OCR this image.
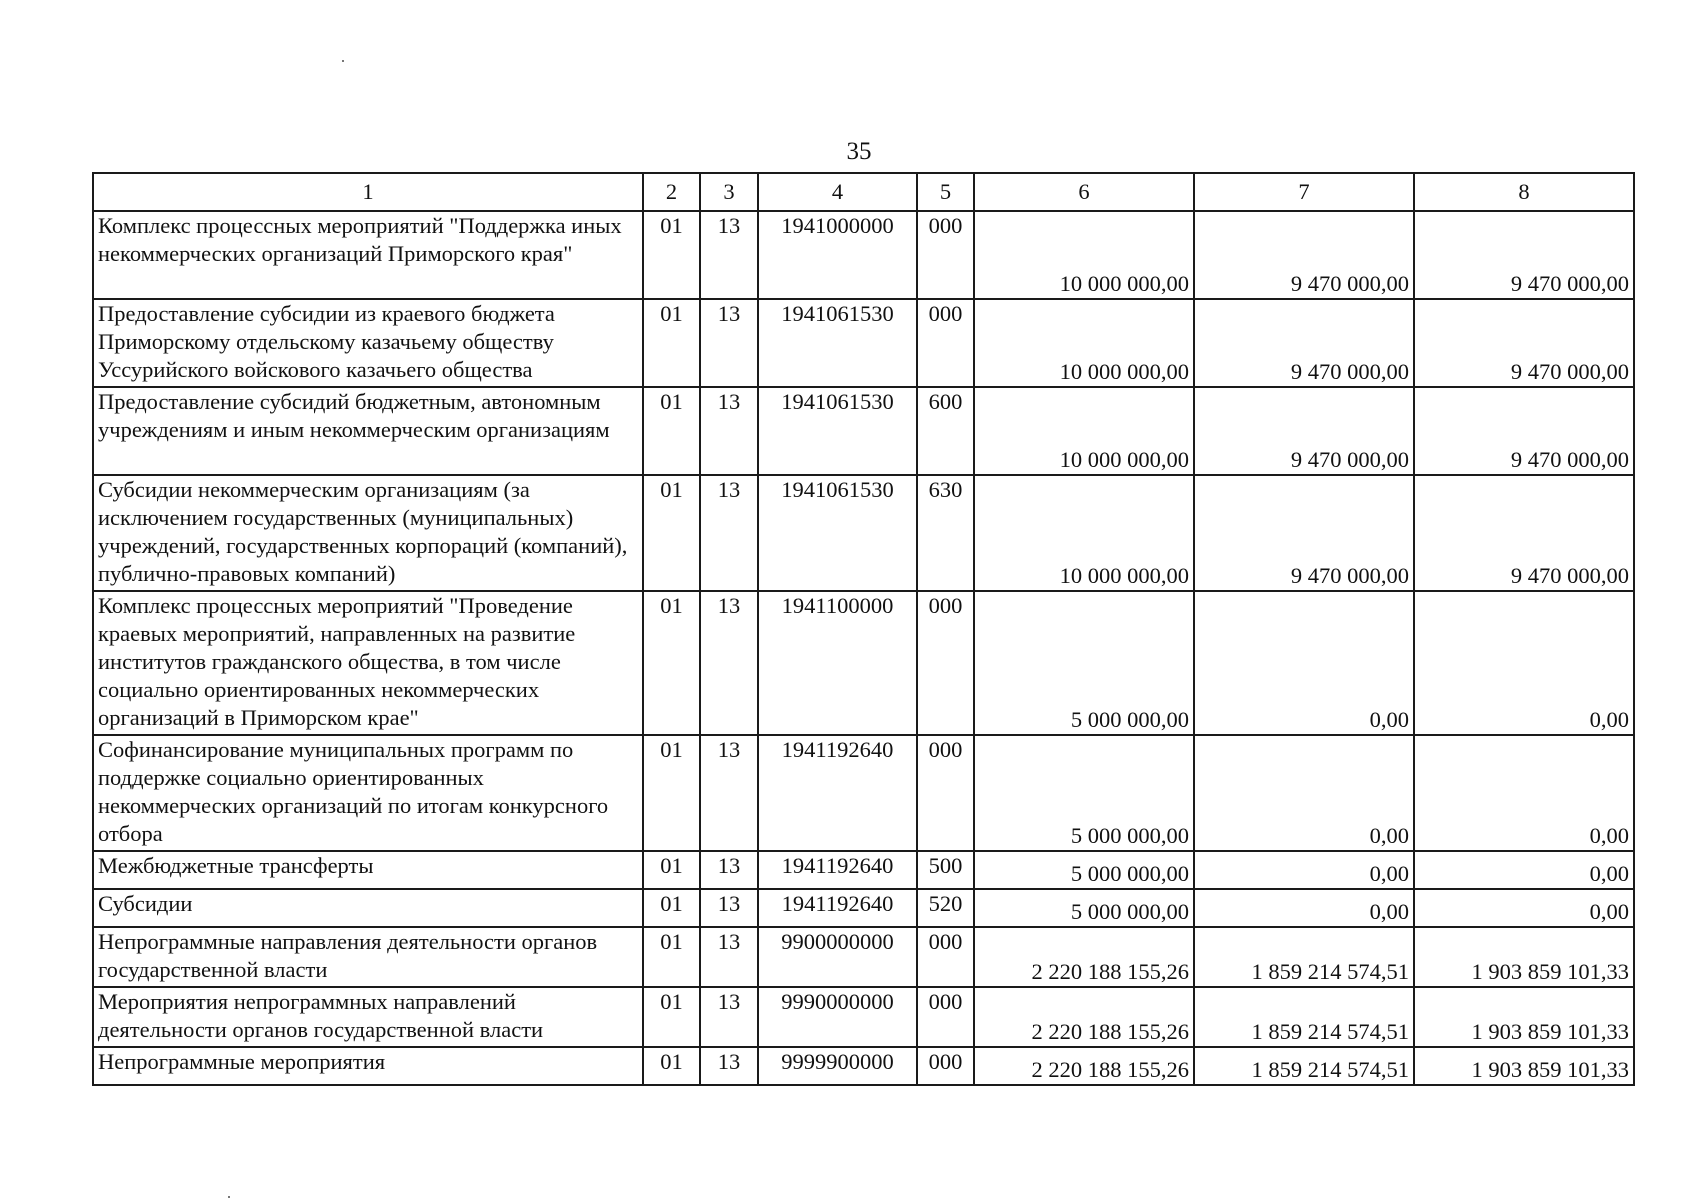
35
1	2	3	4	5	6	7	8
Комплекс процессных мероприятий "Поддержка иных некоммерческих организаций Приморского края"	01	13	1941000000	000	10 000 000,00	9 470 000,00	9 470 000,00
Предоставление субсидии из краевого бюджета Приморскому отдельскому казачьему обществу Уссурийского войскового казачьего общества	01	13	1941061530	000	10 000 000,00	9 470 000,00	9 470 000,00
Предоставление субсидий бюджетным, автономным учреждениям и иным некоммерческим организациям	01	13	1941061530	600	10 000 000,00	9 470 000,00	9 470 000,00
Субсидии некоммерческим организациям (за исключением государственных (муниципальных) учреждений, государственных корпораций (компаний), публично-правовых компаний)	01	13	1941061530	630	10 000 000,00	9 470 000,00	9 470 000,00
Комплекс процессных мероприятий "Проведение краевых мероприятий, направленных на развитие институтов гражданского общества, в том числе социально ориентированных некоммерческих организаций в Приморском крае"	01	13	1941100000	000	5 000 000,00	0,00	0,00
Софинансирование муниципальных программ по поддержке социально ориентированных некоммерческих организаций по итогам конкурсного отбора	01	13	1941192640	000	5 000 000,00	0,00	0,00
Межбюджетные трансферты	01	13	1941192640	500	5 000 000,00	0,00	0,00
Субсидии	01	13	1941192640	520	5 000 000,00	0,00	0,00
Непрограммные направления деятельности органов государственной власти	01	13	9900000000	000	2 220 188 155,26	1 859 214 574,51	1 903 859 101,33
Мероприятия непрограммных направлений деятельности органов государственной власти	01	13	9990000000	000	2 220 188 155,26	1 859 214 574,51	1 903 859 101,33
Непрограммные мероприятия	01	13	9999900000	000	2 220 188 155,26	1 859 214 574,51	1 903 859 101,33
